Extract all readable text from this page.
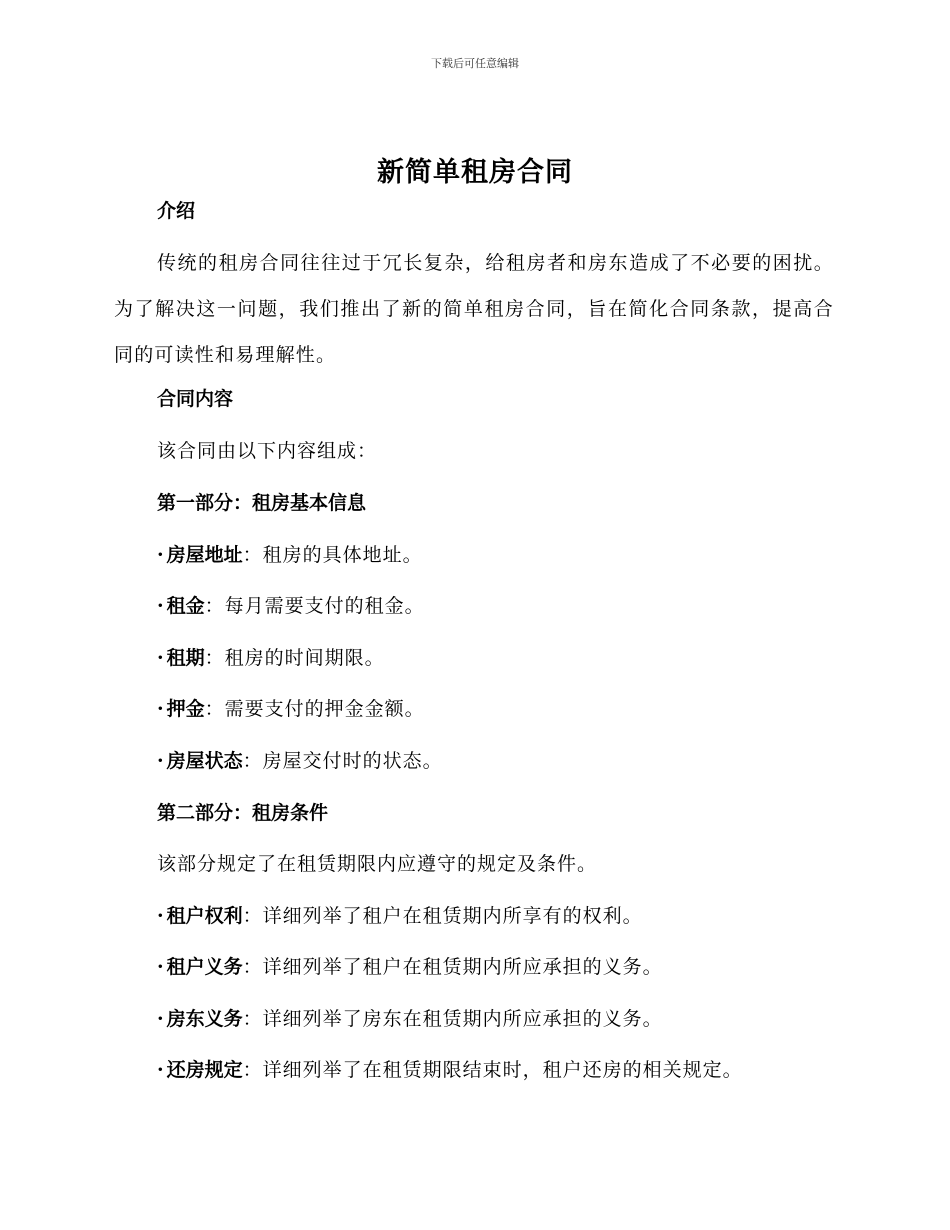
下载后可任意编辑
新简单租房合同
介绍
传统的租房合同往往过于冗长复杂，给租房者和房东造成了不必要的困扰。为了解决这一问题，我们推出了新的简单租房合同，旨在简化合同条款，提高合同的可读性和易理解性。
合同内容
该合同由以下内容组成：
第一部分：租房基本信息
· 房屋地址：租房的具体地址。
· 租金：每月需要支付的租金。
· 租期：租房的时间期限。
· 押金：需要支付的押金金额。
· 房屋状态：房屋交付时的状态。
第二部分：租房条件
该部分规定了在租赁期限内应遵守的规定及条件。
· 租户权利：详细列举了租户在租赁期内所享有的权利。
· 租户义务：详细列举了租户在租赁期内所应承担的义务。
· 房东义务：详细列举了房东在租赁期内所应承担的义务。
· 还房规定：详细列举了在租赁期限结束时，租户还房的相关规定。
